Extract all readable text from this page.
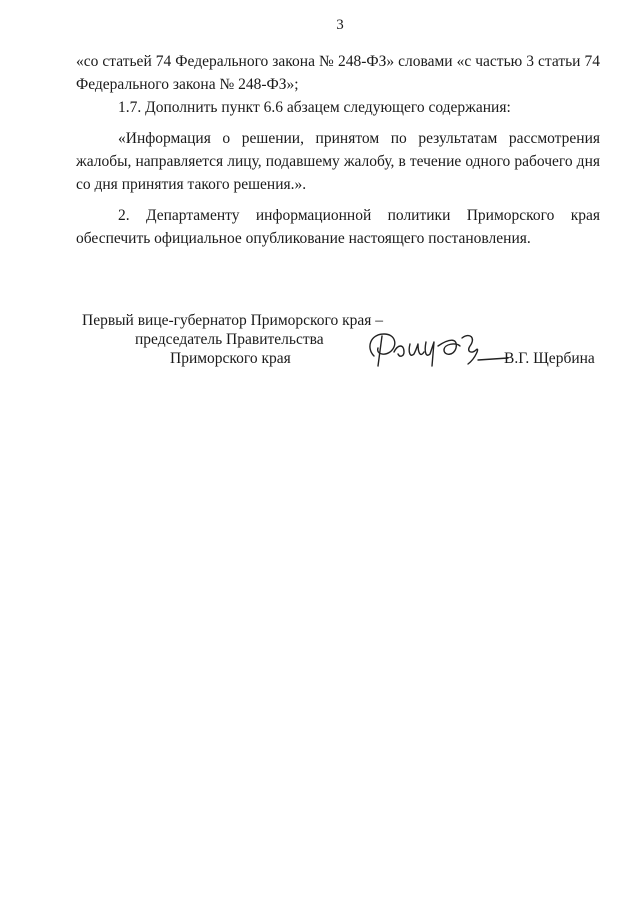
3
«со статьей 74 Федерального закона № 248-ФЗ» словами «с частью 3 статьи 74
Федерального закона № 248-ФЗ»;
1.7. Дополнить пункт 6.6 абзацем следующего содержания:
«Информация о решении, принятом по результатам рассмотрения
жалобы, направляется лицу, подавшему жалобу, в течение одного рабочего дня
со дня принятия такого решения.».
2. Департаменту информационной политики Приморского края
обеспечить официальное опубликование настоящего постановления.
Первый вице-губернатор Приморского края –
председатель Правительства
Приморского края	В.Г. Щербина
